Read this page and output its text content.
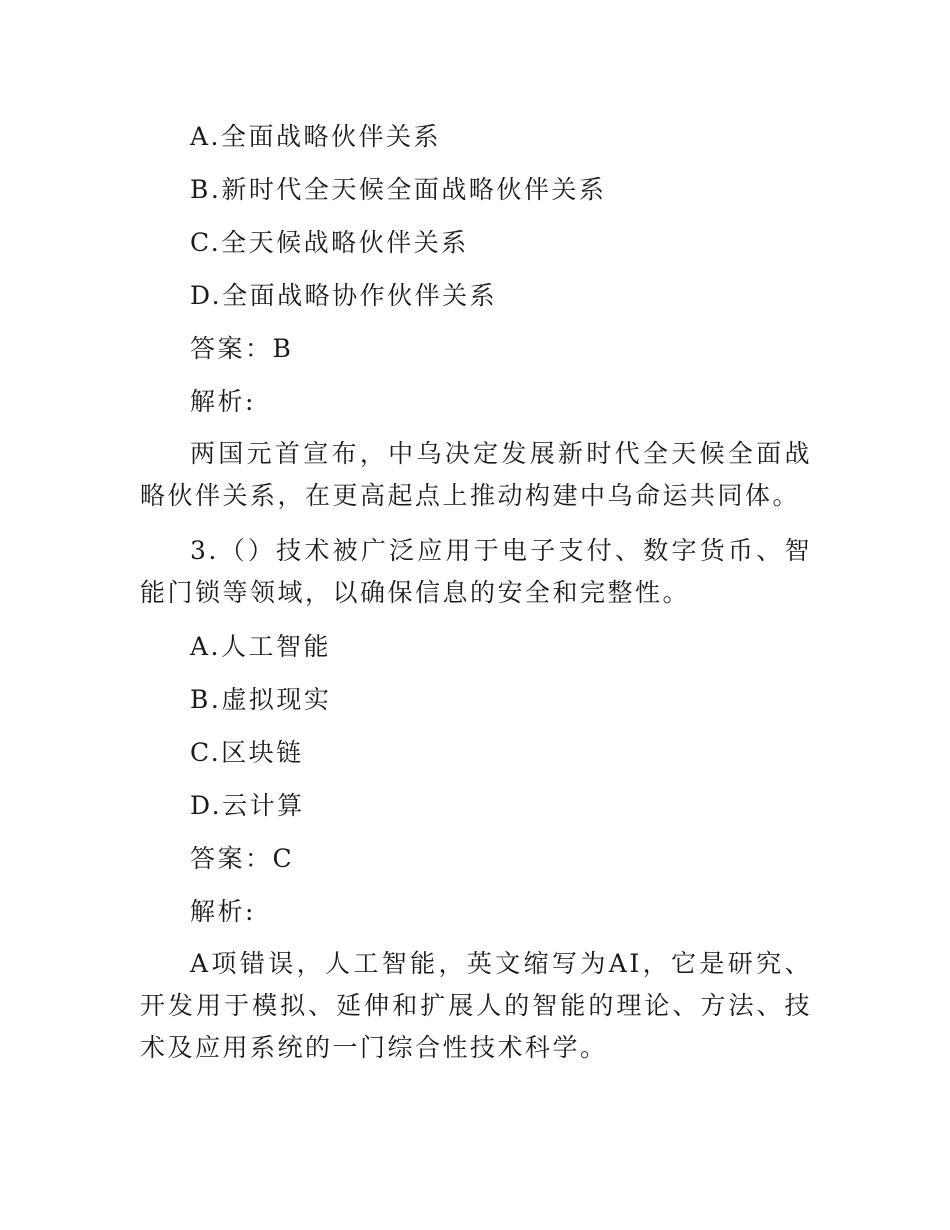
A.全面战略伙伴关系
B.新时代全天候全面战略伙伴关系
C.全天候战略伙伴关系
D.全面战略协作伙伴关系
答案：B
解析:
两国元首宣布，中乌决定发展新时代全天候全面战略伙伴关系，在更高起点上推动构建中乌命运共同体。
3.（）技术被广泛应用于电子支付、数字货币、智能门锁等领域，以确保信息的安全和完整性。
A.人工智能
B.虚拟现实
C.区块链
D.云计算
答案：C
解析:
A项错误，人工智能，英文缩写为AI，它是研究、开发用于模拟、延伸和扩展人的智能的理论、方法、技术及应用系统的一门综合性技术科学。
